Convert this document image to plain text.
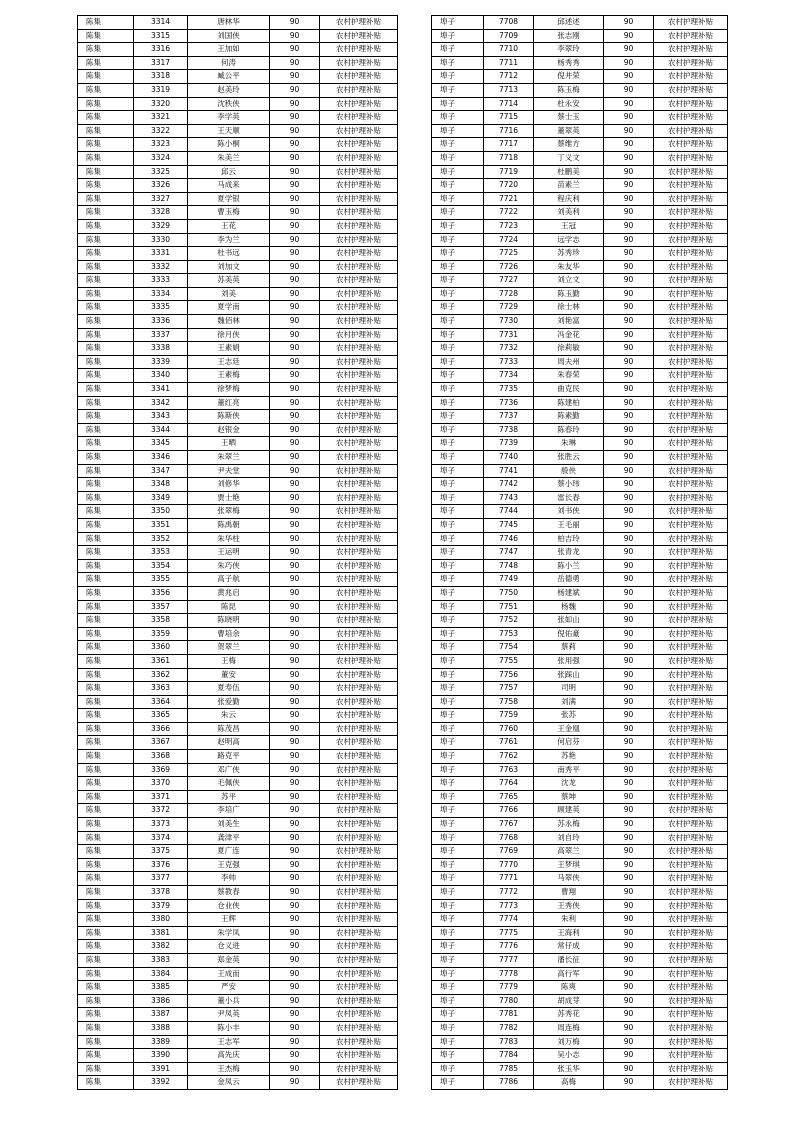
陈集	3314	唐林华	90	农村护理补贴
陈集	3315	刘国侠	90	农村护理补贴
陈集	3316	王加如	90	农村护理补贴
陈集	3317	何涛	90	农村护理补贴
陈集	3318	臧公平	90	农村护理补贴
陈集	3319	赵美玲	90	农村护理补贴
陈集	3320	沈秩侠	90	农村护理补贴
陈集	3321	李学英	90	农村护理补贴
陈集	3322	王天顺	90	农村护理补贴
陈集	3323	陈小桐	90	农村护理补贴
陈集	3324	朱美兰	90	农村护理补贴
陈集	3325	邱云	90	农村护理补贴
陈集	3326	马成来	90	农村护理补贴
陈集	3327	夏学银	90	农村护理补贴
陈集	3328	曹玉梅	90	农村护理补贴
陈集	3329	王花	90	农村护理补贴
陈集	3330	李为兰	90	农村护理补贴
陈集	3331	杜书远	90	农村护理补贴
陈集	3332	刘加文	90	农村护理补贴
陈集	3333	苏美英	90	农村护理补贴
陈集	3334	刘美	90	农村护理补贴
陈集	3335	夏学南	90	农村护理补贴
陈集	3336	魏佰林	90	农村护理补贴
陈集	3337	徐月侠	90	农村护理补贴
陈集	3338	王素娟	90	农村护理补贴
陈集	3339	王志廷	90	农村护理补贴
陈集	3340	王素梅	90	农村护理补贴
陈集	3341	徐梦梅	90	农村护理补贴
陈集	3342	董红亮	90	农村护理补贴
陈集	3343	陈斯侠	90	农村护理补贴
陈集	3344	赵银金	90	农村护理补贴
陈集	3345	王晒	90	农村护理补贴
陈集	3346	朱翠兰	90	农村护理补贴
陈集	3347	尹夫堂	90	农村护理补贴
陈集	3348	刘修华	90	农村护理补贴
陈集	3349	贾士艳	90	农村护理补贴
陈集	3350	张翠梅	90	农村护理补贴
陈集	3351	陈禹朝	90	农村护理补贴
陈集	3352	朱华柱	90	农村护理补贴
陈集	3353	王运明	90	农村护理补贴
陈集	3354	朱巧侠	90	农村护理补贴
陈集	3355	高子航	90	农村护理补贴
陈集	3356	黄兆启	90	农村护理补贴
陈集	3357	陈昆	90	农村护理补贴
陈集	3358	陈晓明	90	农村护理补贴
陈集	3359	曹培余	90	农村护理补贴
陈集	3360	贺翠兰	90	农村护理补贴
陈集	3361	王梅	90	农村护理补贴
陈集	3362	董安	90	农村护理补贴
陈集	3363	夏寿伍	90	农村护理补贴
陈集	3364	张爱勤	90	农村护理补贴
陈集	3365	朱云	90	农村护理补贴
陈集	3366	陈茂昌	90	农村护理补贴
陈集	3367	赵明高	90	农村护理补贴
陈集	3368	路克平	90	农村护理补贴
陈集	3369	邓广侠	90	农村护理补贴
陈集	3370	毛佩侠	90	农村护理补贴
陈集	3371	苏平	90	农村护理补贴
陈集	3372	李培广	90	农村护理补贴
陈集	3373	刘美生	90	农村护理补贴
陈集	3374	龚津平	90	农村护理补贴
陈集	3375	夏广连	90	农村护理补贴
陈集	3376	王克强	90	农村护理补贴
陈集	3377	李帅	90	农村护理补贴
陈集	3378	蔡教春	90	农村护理补贴
陈集	3379	仓业侠	90	农村护理补贴
陈集	3380	王辉	90	农村护理补贴
陈集	3381	朱学凤	90	农村护理补贴
陈集	3382	仓义进	90	农村护理补贴
陈集	3383	郑金英	90	农村护理补贴
陈集	3384	王成而	90	农村护理补贴
陈集	3385	严安	90	农村护理补贴
陈集	3386	董小兵	90	农村护理补贴
陈集	3387	尹凤英	90	农村护理补贴
陈集	3388	陈小丰	90	农村护理补贴
陈集	3389	王志军	90	农村护理补贴
陈集	3390	高先庆	90	农村护理补贴
陈集	3391	王杰梅	90	农村护理补贴
陈集	3392	金凤云	90	农村护理补贴
埠子	7708	邱述述	90	农村护理补贴
埠子	7709	张志刚	90	农村护理补贴
埠子	7710	李翠玲	90	农村护理补贴
埠子	7711	杨秀秀	90	农村护理补贴
埠子	7712	倪井荣	90	农村护理补贴
埠子	7713	陈玉梅	90	农村护理补贴
埠子	7714	杜永安	90	农村护理补贴
埠子	7715	蔡士玉	90	农村护理补贴
埠子	7716	董翠英	90	农村护理补贴
埠子	7717	蔡维方	90	农村护理补贴
埠子	7718	丁义文	90	农村护理补贴
埠子	7719	杜鹏美	90	农村护理补贴
埠子	7720	苗素兰	90	农村护理补贴
埠子	7721	程庆利	90	农村护理补贴
埠子	7722	刘美利	90	农村护理补贴
埠子	7723	王冠	90	农村护理补贴
埠子	7724	远学志	90	农村护理补贴
埠子	7725	苏秀珍	90	农村护理补贴
埠子	7726	朱友华	90	农村护理补贴
埠子	7727	刘立文	90	农村护理补贴
埠子	7728	陈玉勤	90	农村护理补贴
埠子	7729	徐士林	90	农村护理补贴
埠子	7730	刘艳富	90	农村护理补贴
埠子	7731	冯金花	90	农村护理补贴
埠子	7732	徐莉敏	90	农村护理补贴
埠子	7733	周夫州	90	农村护理补贴
埠子	7734	朱春荣	90	农村护理补贴
埠子	7735	曲克民	90	农村护理补贴
埠子	7736	陈建柏	90	农村护理补贴
埠子	7737	陈素勤	90	农村护理补贴
埠子	7738	陈春玲	90	农村护理补贴
埠子	7739	朱琳	90	农村护理补贴
埠子	7740	张胜云	90	农村护理补贴
埠子	7741	殷侠	90	农村护理补贴
埠子	7742	蔡小玮	90	农村护理补贴
埠子	7743	雷长春	90	农村护理补贴
埠子	7744	刘书侠	90	农村护理补贴
埠子	7745	王毛丽	90	农村护理补贴
埠子	7746	柏吉玲	90	农村护理补贴
埠子	7747	张青龙	90	农村护理补贴
埠子	7748	陈小兰	90	农村护理补贴
埠子	7749	岳德勇	90	农村护理补贴
埠子	7750	杨建斌	90	农村护理补贴
埠子	7751	杨魏	90	农村护理补贴
埠子	7752	张如山	90	农村护理补贴
埠子	7753	倪佑豪	90	农村护理补贴
埠子	7754	蔡莉	90	农村护理补贴
埠子	7755	张用强	90	农村护理补贴
埠子	7756	张踩山	90	农村护理补贴
埠子	7757	司明	90	农村护理补贴
埠子	7758	刘满	90	农村护理补贴
埠子	7759	张苏	90	农村护理补贴
埠子	7760	王金凰	90	农村护理补贴
埠子	7761	何启芬	90	农村护理补贴
埠子	7762	苏艳	90	农村护理补贴
埠子	7763	南秀平	90	农村护理补贴
埠子	7764	沈龙	90	农村护理补贴
埠子	7765	蔡坤	90	农村护理补贴
埠子	7766	顾建英	90	农村护理补贴
埠子	7767	苏永梅	90	农村护理补贴
埠子	7768	刘自玲	90	农村护理补贴
埠子	7769	高翠兰	90	农村护理补贴
埠子	7770	王梦琪	90	农村护理补贴
埠子	7771	马翠侠	90	农村护理补贴
埠子	7772	曹翔	90	农村护理补贴
埠子	7773	王秀侠	90	农村护理补贴
埠子	7774	朱利	90	农村护理补贴
埠子	7775	王海利	90	农村护理补贴
埠子	7776	常仔成	90	农村护理补贴
埠子	7777	潘长征	90	农村护理补贴
埠子	7778	高行军	90	农村护理补贴
埠子	7779	陈爽	90	农村护理补贴
埠子	7780	胡成芽	90	农村护理补贴
埠子	7781	苏秀花	90	农村护理补贴
埠子	7782	周连梅	90	农村护理补贴
埠子	7783	刘万梅	90	农村护理补贴
埠子	7784	吴小志	90	农村护理补贴
埠子	7785	张玉华	90	农村护理补贴
埠子	7786	高梅	90	农村护理补贴
